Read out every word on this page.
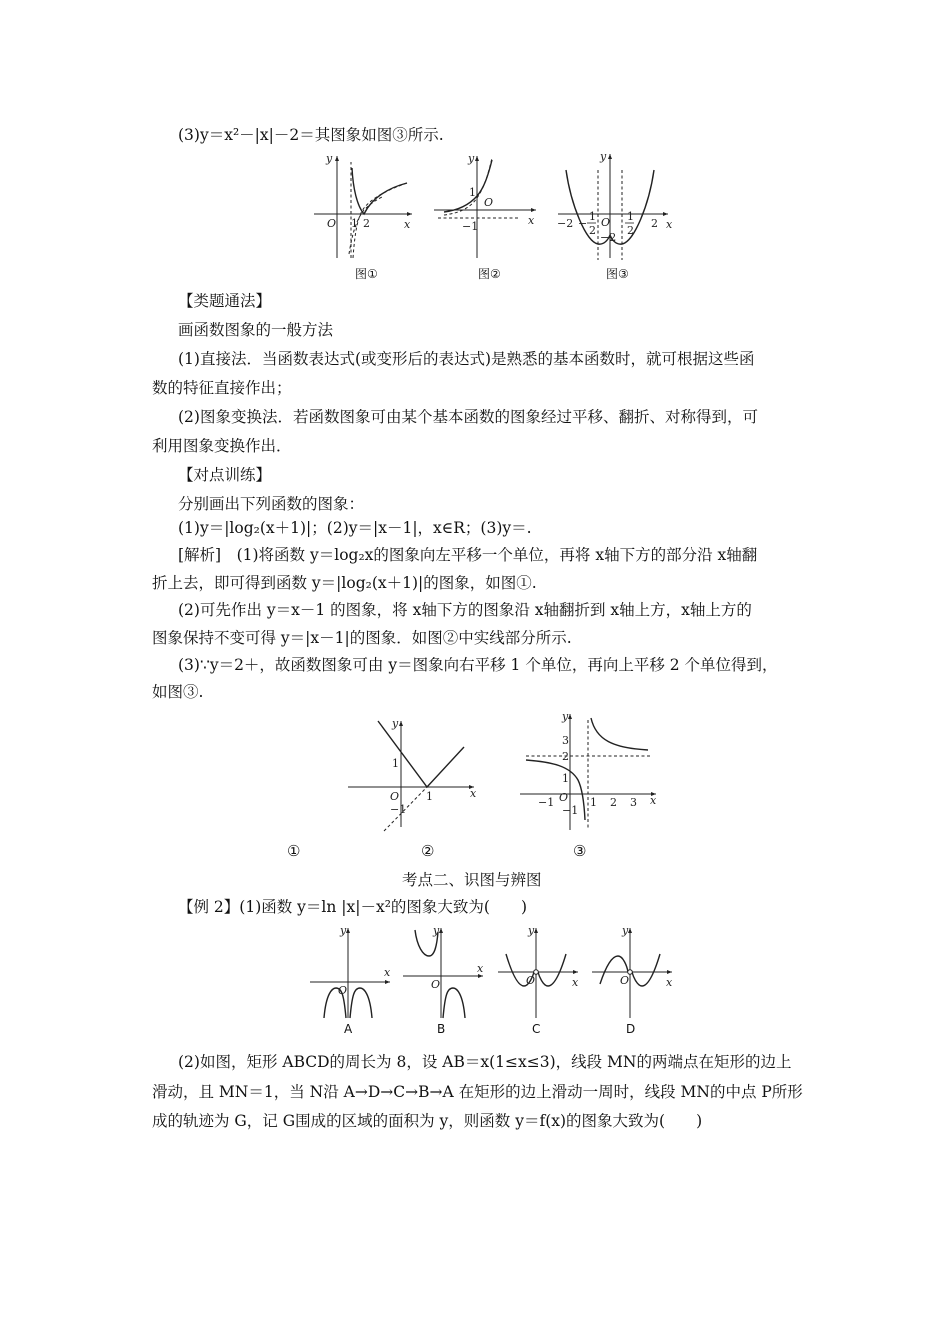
(3)y＝x²－|x|－2＝其图象如图③所示.
y
x
O 1 2
图①
y
x
O
1
−1
图②
y
x
O
−2 −
1
2
1
2
2
−2
图③
【类题通法】
画函数图象的一般方法
(1)直接法．当函数表达式(或变形后的表达式)是熟悉的基本函数时，就可根据这些函
数的特征直接作出；
(2)图象变换法．若函数图象可由某个基本函数的图象经过平移、翻折、对称得到，可
利用图象变换作出．
【对点训练】
分别画出下列函数的图象：
(1)y＝|log₂(x＋1)|；(2)y＝|x－1|，x∈R；(3)y＝.
[解析]　(1)将函数 y＝log₂x的图象向左平移一个单位，再将 x轴下方的部分沿 x轴翻
折上去，即可得到函数 y＝|log₂(x＋1)|的图象，如图①.
(2)可先作出 y＝x－1 的图象，将 x轴下方的图象沿 x轴翻折到 x轴上方，x轴上方的
图象保持不变可得 y＝|x－1|的图象．如图②中实线部分所示.
(3)∵y＝2＋，故函数图象可由 y＝图象向右平移 1 个单位，再向上平移 2 个单位得到，
如图③.
y
x
O
1
1
−1
y
x
O
−1	1 2 3
1
2
3
−1
①	②	③
考点二、识图与辨图
【例 2】(1)函数 y＝ln |x|－x²的图象大致为(　　)
y
x
O
A
y
x
O
B
y
x
O
C
y
x
O
D
(2)如图，矩形 ABCD的周长为 8，设 AB＝x(1≤x≤3)，线段 MN的两端点在矩形的边上
滑动，且 MN＝1，当 N沿 A→D→C→B→A 在矩形的边上滑动一周时，线段 MN的中点 P所形
成的轨迹为 G，记 G围成的区域的面积为 y，则函数 y＝f(x)的图象大致为(　　)
